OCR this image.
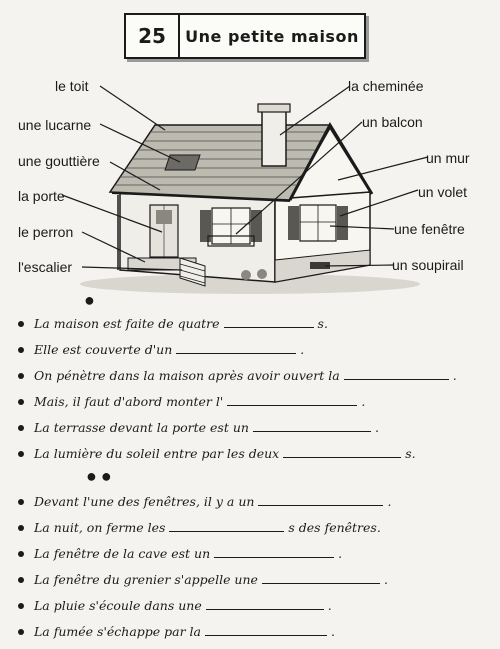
25	Une petite maison
le toit
une lucarne
une gouttière
la porte
le perron
l'escalier
la cheminée
un balcon
un mur
un volet
une fenêtre
un soupirail
●
La maison est faite de quatre	s.
Elle est couverte d'un	.
On pénètre dans la maison après avoir ouvert la	.
Mais, il faut d'abord monter l'	.
La terrasse devant la porte est un	.
La lumière du soleil entre par les deux	s.
●●
Devant l'une des fenêtres, il y a un	.
La nuit, on ferme les	s des fenêtres.
La fenêtre de la cave est un	.
La fenêtre du grenier s'appelle une	.
La pluie s'écoule dans une	.
La fumée s'échappe par la	.
